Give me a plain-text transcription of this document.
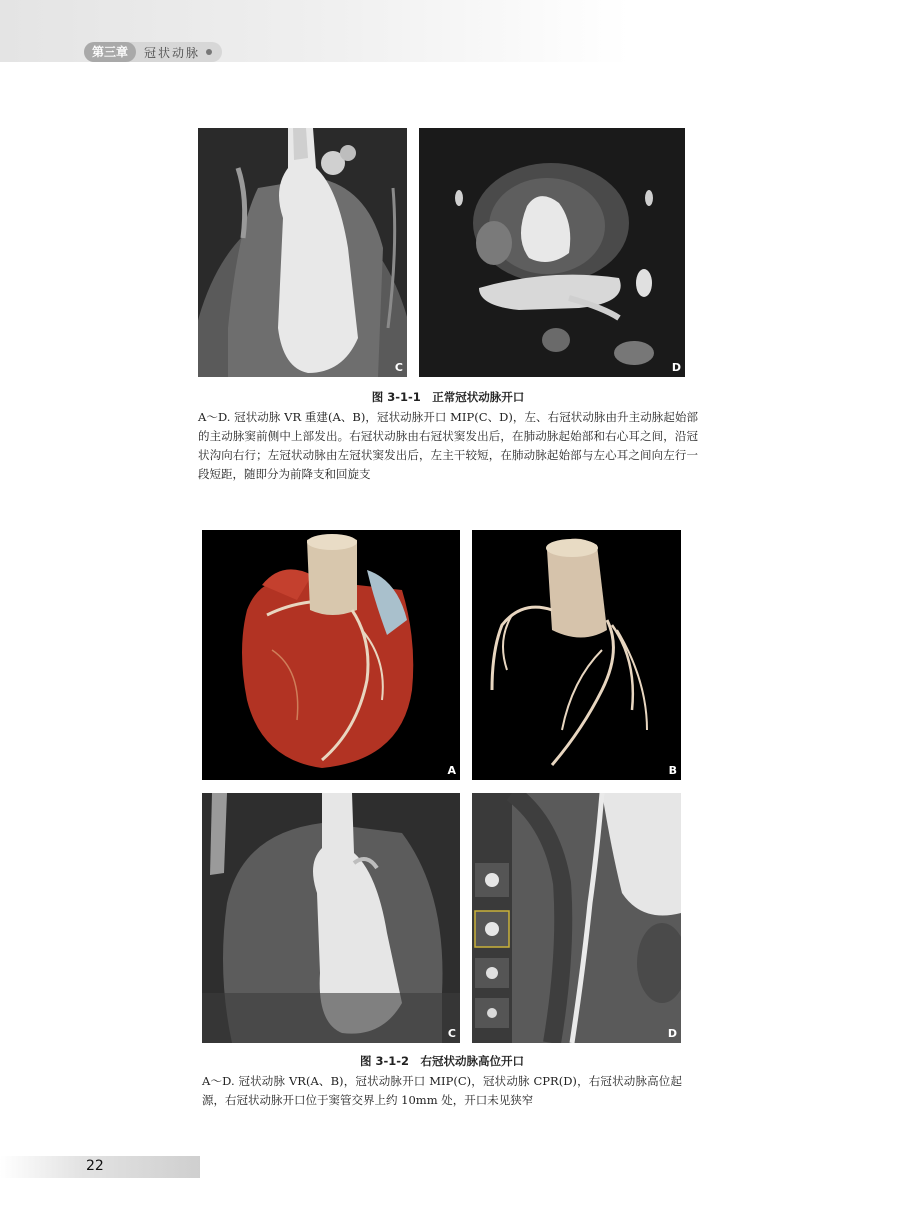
第三章	冠状动脉
C	D
图 3-1-1　正常冠状动脉开口
A～D. 冠状动脉 VR 重建(A、B)，冠状动脉开口 MIP(C、D)，左、右冠状动脉由升主动脉起始部的主动脉窦前侧中上部发出。右冠状动脉由右冠状窦发出后，在肺动脉起始部和右心耳之间，沿冠状沟向右行；左冠状动脉由左冠状窦发出后，左主干较短，在肺动脉起始部与左心耳之间向左行一段短距，随即分为前降支和回旋支
A	B
C	D
图 3-1-2　右冠状动脉高位开口
A～D. 冠状动脉 VR(A、B)，冠状动脉开口 MIP(C)，冠状动脉 CPR(D)，右冠状动脉高位起源，右冠状动脉开口位于窦管交界上约 10mm 处，开口未见狭窄
22
